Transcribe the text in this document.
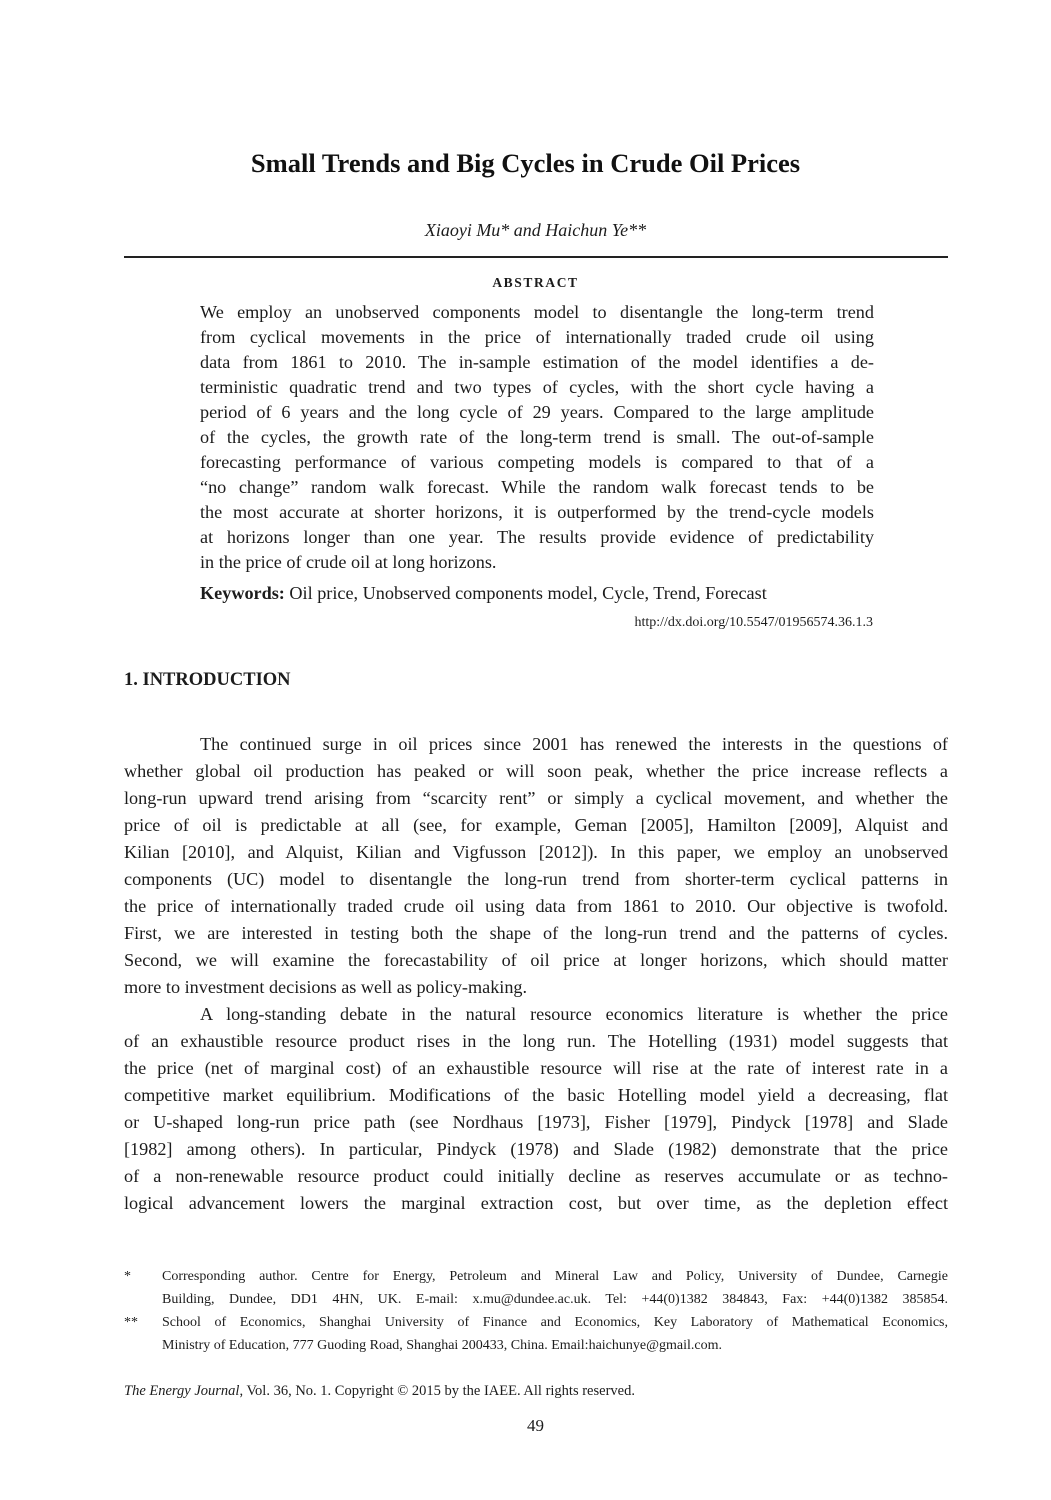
Small Trends and Big Cycles in Crude Oil Prices
Xiaoyi Mu* and Haichun Ye**
ABSTRACT
We employ an unobserved components model to disentangle the long-term trend
from cyclical movements in the price of internationally traded crude oil using
data from 1861 to 2010. The in-sample estimation of the model identifies a de-
terministic quadratic trend and two types of cycles, with the short cycle having a
period of 6 years and the long cycle of 29 years. Compared to the large amplitude
of the cycles, the growth rate of the long-term trend is small. The out-of-sample
forecasting performance of various competing models is compared to that of a
“no change” random walk forecast. While the random walk forecast tends to be
the most accurate at shorter horizons, it is outperformed by the trend-cycle models
at horizons longer than one year. The results provide evidence of predictability
in the price of crude oil at long horizons.
Keywords: Oil price, Unobserved components model, Cycle, Trend, Forecast
http://dx.doi.org/10.5547/01956574.36.1.3
1. INTRODUCTION
The continued surge in oil prices since 2001 has renewed the interests in the questions of
whether global oil production has peaked or will soon peak, whether the price increase reflects a
long-run upward trend arising from “scarcity rent” or simply a cyclical movement, and whether the
price of oil is predictable at all (see, for example, Geman [2005], Hamilton [2009], Alquist and
Kilian [2010], and Alquist, Kilian and Vigfusson [2012]). In this paper, we employ an unobserved
components (UC) model to disentangle the long-run trend from shorter-term cyclical patterns in
the price of internationally traded crude oil using data from 1861 to 2010. Our objective is twofold.
First, we are interested in testing both the shape of the long-run trend and the patterns of cycles.
Second, we will examine the forecastability of oil price at longer horizons, which should matter
more to investment decisions as well as policy-making.
A long-standing debate in the natural resource economics literature is whether the price
of an exhaustible resource product rises in the long run. The Hotelling (1931) model suggests that
the price (net of marginal cost) of an exhaustible resource will rise at the rate of interest rate in a
competitive market equilibrium. Modifications of the basic Hotelling model yield a decreasing, flat
or U-shaped long-run price path (see Nordhaus [1973], Fisher [1979], Pindyck [1978] and Slade
[1982] among others). In particular, Pindyck (1978) and Slade (1982) demonstrate that the price
of a non-renewable resource product could initially decline as reserves accumulate or as techno-
logical advancement lowers the marginal extraction cost, but over time, as the depletion effect
*	Corresponding author. Centre for Energy, Petroleum and Mineral Law and Policy, University of Dundee, Carnegie
Building, Dundee, DD1 4HN, UK. E-mail: x.mu@dundee.ac.uk. Tel: +44(0)1382 384843, Fax: +44(0)1382 385854.
**	School of Economics, Shanghai University of Finance and Economics, Key Laboratory of Mathematical Economics,
Ministry of Education, 777 Guoding Road, Shanghai 200433, China. Email:haichunye@gmail.com.
The Energy Journal, Vol. 36, No. 1. Copyright © 2015 by the IAEE. All rights reserved.
49
